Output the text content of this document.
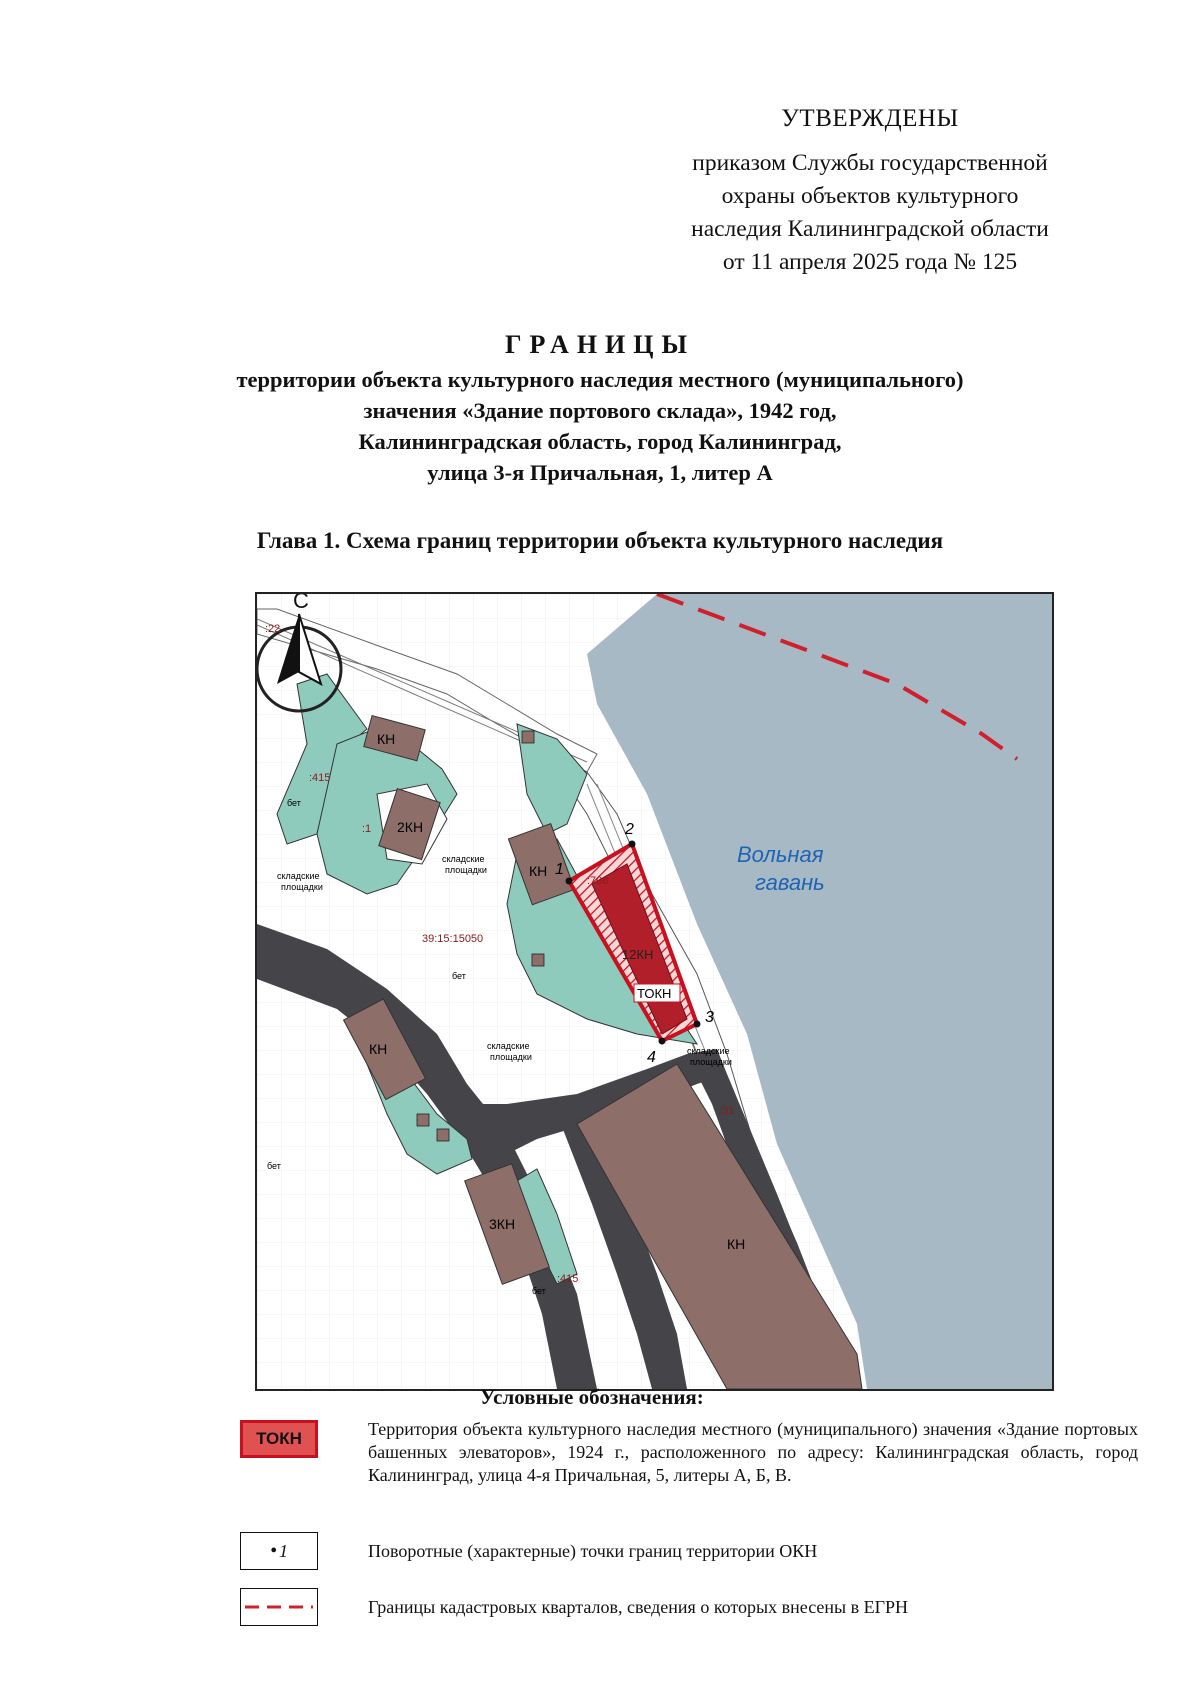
УТВЕРЖДЕНЫ
приказом Службы государственной
охраны объектов культурного
наследия Калининградской области
от 11 апреля 2025 года № 125
ГРАНИЦЫ
территории объекта культурного наследия местного (муниципального)
значения «Здание портового склада», 1942 год,
Калининградская область, город Калининград,
улица 3-я Причальная, 1, литер А
Глава 1. Схема границ территории объекта культурного наследия
С
Вольная
гавань
КН
2КН
КН
КН
3КН
КН
12КН
ТОКН
бет
бет
бет
бет
складские
площадки
складские
площадки
складские
площадки
складские
площадки
:415
:1
:708
:31
:415
:22
39:15:15050
1
2
3
4
Условные обозначения:
ТОКН	Территория объекта культурного наследия местного (муниципального) значения «Здание портовых башенных элеваторов», 1924 г., расположенного по адресу: Калининградская область, город Калининград, улица 4-я Причальная, 5, литеры А, Б, В.
• 1	Поворотные (характерные) точки границ территории ОКН
Границы кадастровых кварталов, сведения о которых внесены в ЕГРН
